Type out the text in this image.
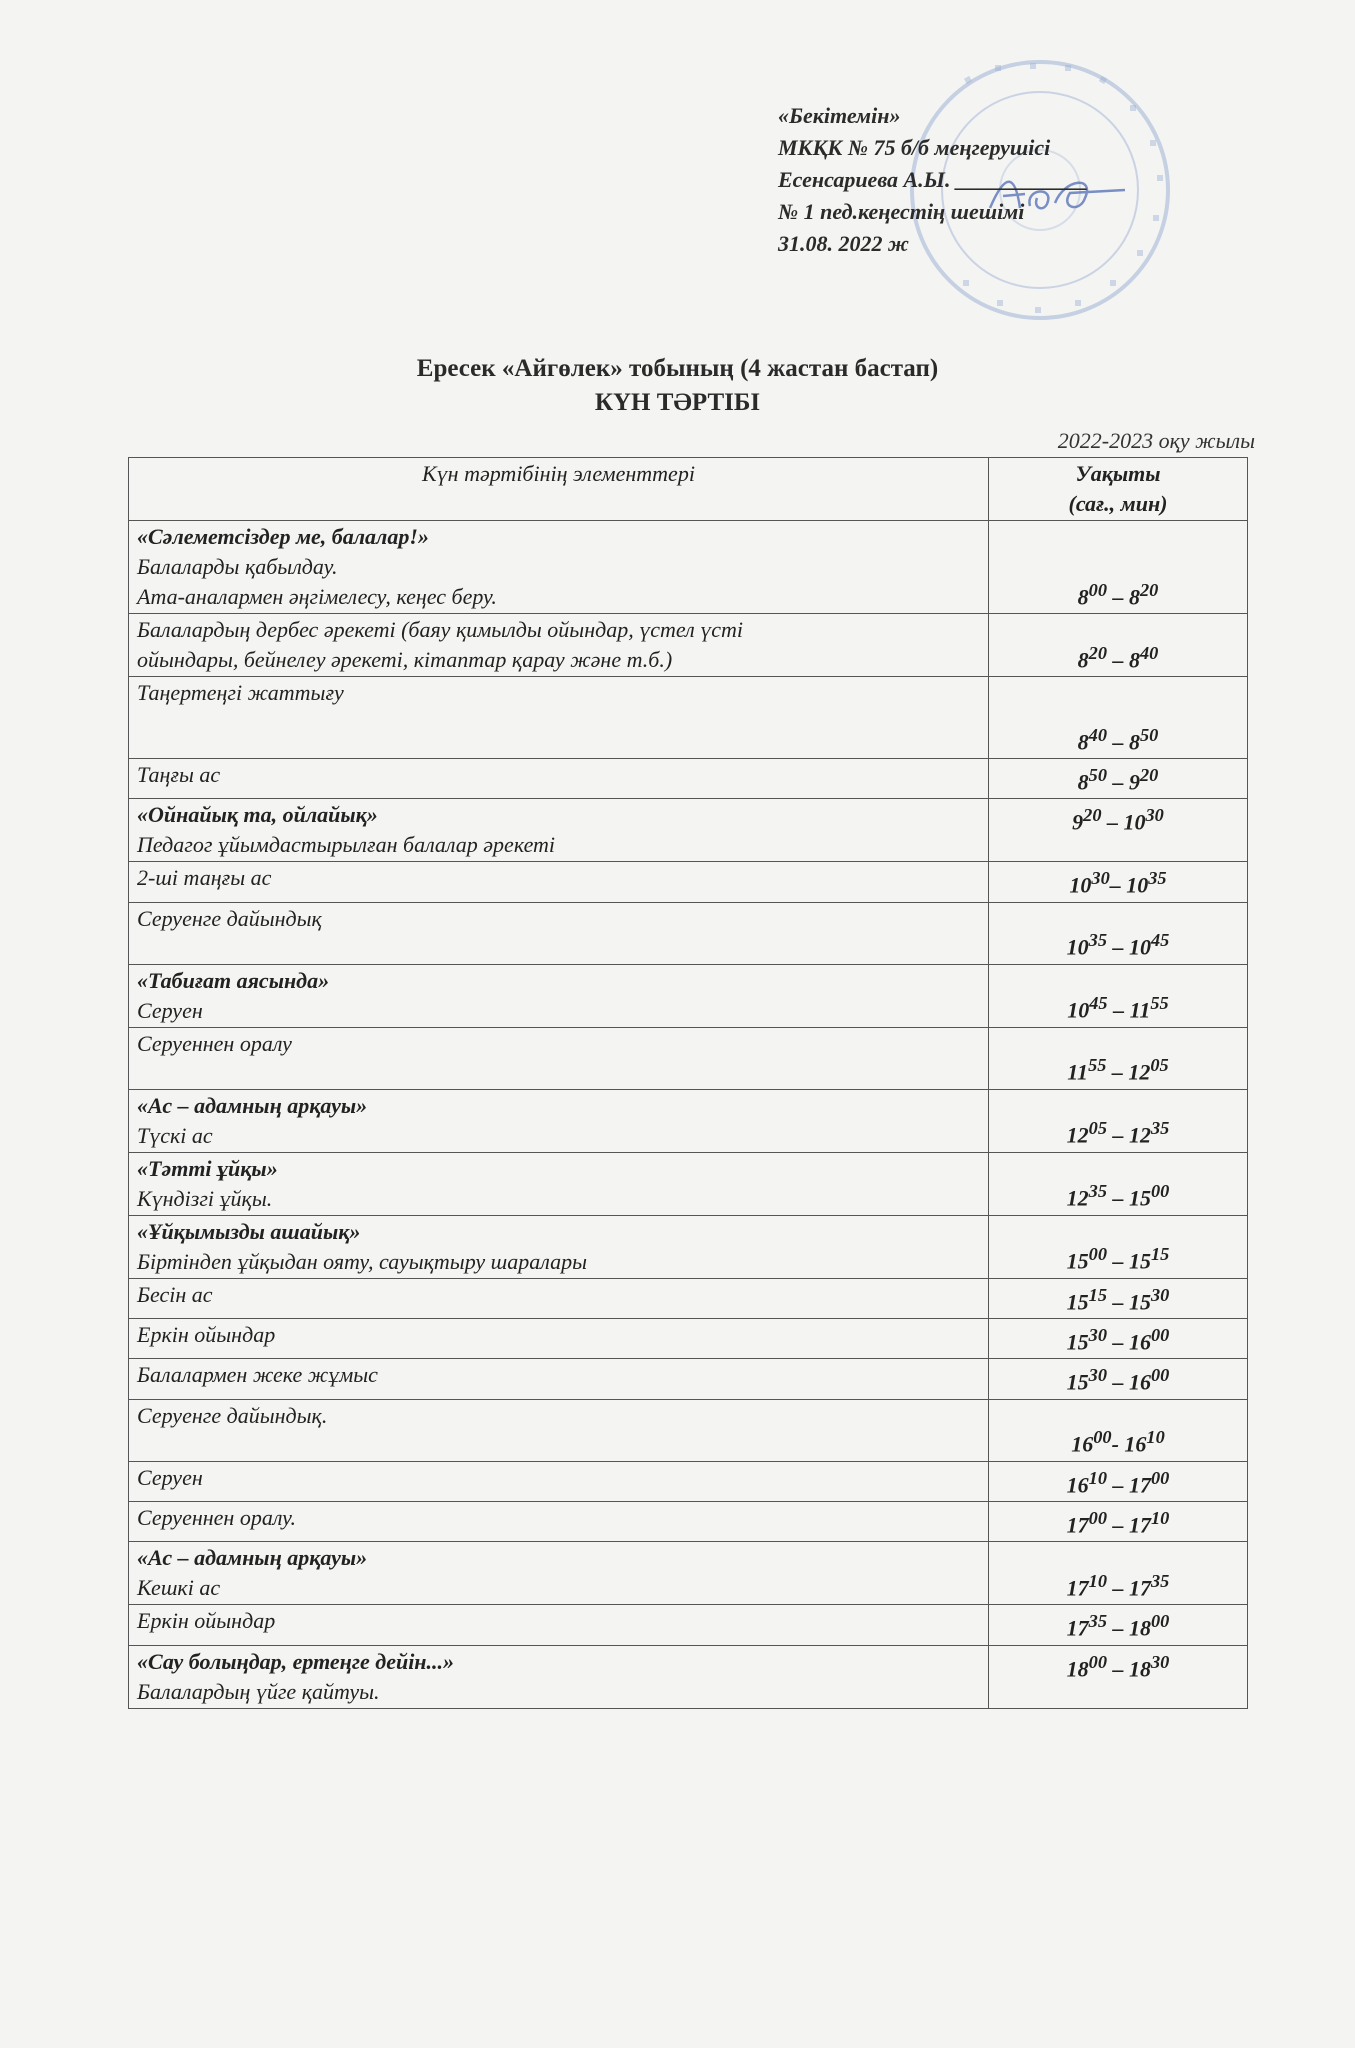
«Бекітемін»
МКҚК № 75 б/б меңгерушісі
Есенсариева А.Ы. ____________
№ 1 пед.кеңестің шешімі
31.08. 2022 ж
Ересек «Айгөлек» тобының (4 жастан бастап)
КҮН ТӘРТІБІ
2022-2023 оқу жылы
Күн тәртібінің элементтері	Уақыты
(сағ., мин)

«Сәлеметсіздер ме, балалар!»
Балаларды қабылдау.
Ата-аналармен әңгімелесу, кеңес беру.	$8^{00} - 8^{20}$

Балалардың дербес әрекеті (баяу қимылды ойындар, үстел үсті
ойындары, бейнелеу әрекеті, кітаптар қарау және т.б.)	$8^{20} - 8^{40}$

Таңертеңгі жаттығу	$8^{40} - 8^{50}$

Таңғы ас	$8^{50} - 9^{20}$

«Ойнайық та, ойлайық»
Педагог ұйымдастырылған балалар әрекеті	$9^{20} - 10^{30}$

2-ші таңғы ас	$10^{30}-$ $10^{35}$

Серуенге дайындық	$10^{35} - 10^{45}$

«Табиғат аясында»
Серуен	$10^{45} - 11^{55}$

Серуеннен оралу	$11^{55} - 12^{05}$

«Ас – адамның арқауы»
Түскі ас	$12^{05} - 12^{35}$

«Тәтті ұйқы»
Күндізгі ұйқы.	$12^{35} - 15^{00}$

«Ұйқымызды ашайық»
Біртіндеп ұйқыдан ояту, сауықтыру шаралары	$15^{00} - 15^{15}$

Бесін ас	$15^{15} - 15^{30}$

Еркін ойындар	$15^{30} - 16^{00}$

Балалармен жеке жұмыс	$15^{30} - 16^{00}$

Серуенге дайындық.	$16^{00}-$ $16^{10}$

Серуен	$16^{10} - 17^{00}$

Серуеннен оралу.	$17^{00} - 17^{10}$

«Ас – адамның арқауы»
Кешкі ас	$17^{10} - 17^{35}$

Еркін ойындар	$17^{35} - 18^{00}$

«Сау болыңдар, ертеңге дейін...»
Балалардың үйге қайтуы.	$18^{00} - 18^{30}$
